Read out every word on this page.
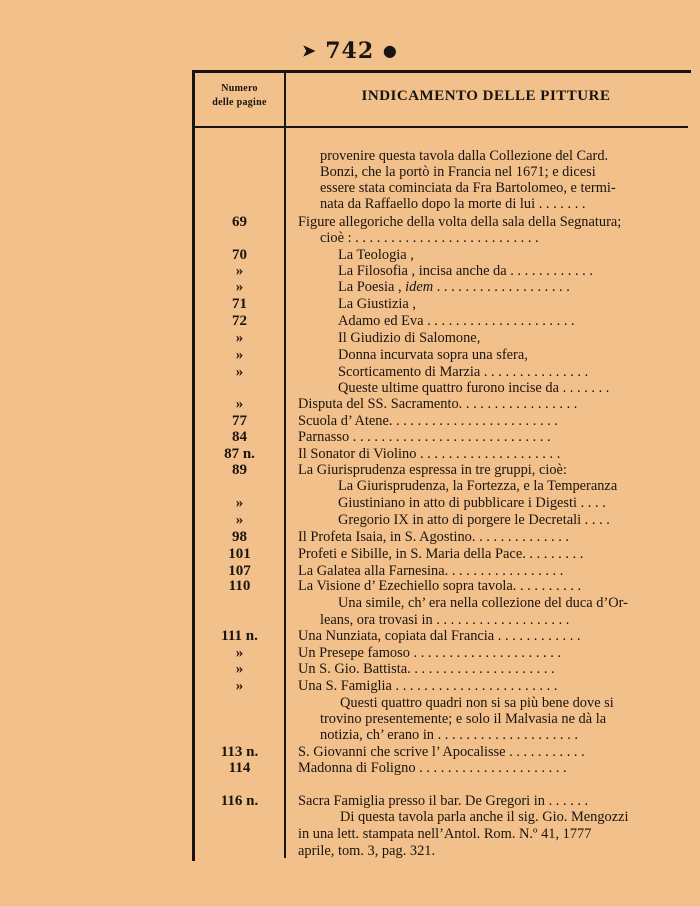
➤ 742 ●
Numero
delle pagine	INDICAMENTO DELLE PITTURE
provenire questa tavola dalla Collezione del Card.
Bonzi, che la portò in Francia nel 1671; e dicesi
essere stata cominciata da Fra Bartolomeo, e termi-
nata da Raffaello dopo la morte di lui . . . . . . .
69	Figure allegoriche della volta della sala della Segnatura;
cioè : . . . . . . . . . . . . . . . . . . . . . . . . . .
70	La Teologia ,
»	La Filosofia , incisa anche da . . . . . . . . . . . .
»	La Poesia , idem . . . . . . . . . . . . . . . . . . .
71	La Giustizia ,
72	Adamo ed Eva . . . . . . . . . . . . . . . . . . . . .
»	Il Giudizio di Salomone,
»	Donna incurvata sopra una sfera,
»	Scorticamento di Marzia . . . . . . . . . . . . . . .
Queste ultime quattro furono incise da . . . . . . .
»	Disputa del SS. Sacramento. . . . . . . . . . . . . . . . .
77	Scuola d’ Atene. . . . . . . . . . . . . . . . . . . . . . . .
84	Parnasso . . . . . . . . . . . . . . . . . . . . . . . . . . . .
87 n.	Il Sonator di Violino . . . . . . . . . . . . . . . . . . . .
89	La Giurisprudenza espressa in tre gruppi, cioè:
La Giurisprudenza, la Fortezza, e la Temperanza
»	Giustiniano in atto di pubblicare i Digesti . . . .
»	Gregorio IX in atto di porgere le Decretali . . . .
98	Il Profeta Isaia, in S. Agostino. . . . . . . . . . . . . .
101	Profeti e Sibille, in S. Maria della Pace. . . . . . . . .
107	La Galatea alla Farnesina. . . . . . . . . . . . . . . . .
110	La Visione d’ Ezechiello sopra tavola. . . . . . . . . .
Una simile, ch’ era nella collezione del duca d’Or-
leans, ora trovasi in . . . . . . . . . . . . . . . . . . .
111 n.	Una Nunziata, copiata dal Francia . . . . . . . . . . . .
»	Un Presepe famoso . . . . . . . . . . . . . . . . . . . . .
»	Un S. Gio. Battista. . . . . . . . . . . . . . . . . . . . .
»	Una S. Famiglia . . . . . . . . . . . . . . . . . . . . . . .
Questi quattro quadri non si sa più bene dove si
trovino presentemente; e solo il Malvasia ne dà la
notizia, ch’ erano in . . . . . . . . . . . . . . . . . . . .
113 n.	S. Giovanni che scrive l’ Apocalisse . . . . . . . . . . .
114	Madonna di Foligno . . . . . . . . . . . . . . . . . . . . .
116 n.	Sacra Famiglia presso il bar. De Gregori in . . . . . .
Di questa tavola parla anche il sig. Gio. Mengozzi
in una lett. stampata nell’Antol. Rom. N.º 41, 1777
aprile, tom. 3, pag. 321.
